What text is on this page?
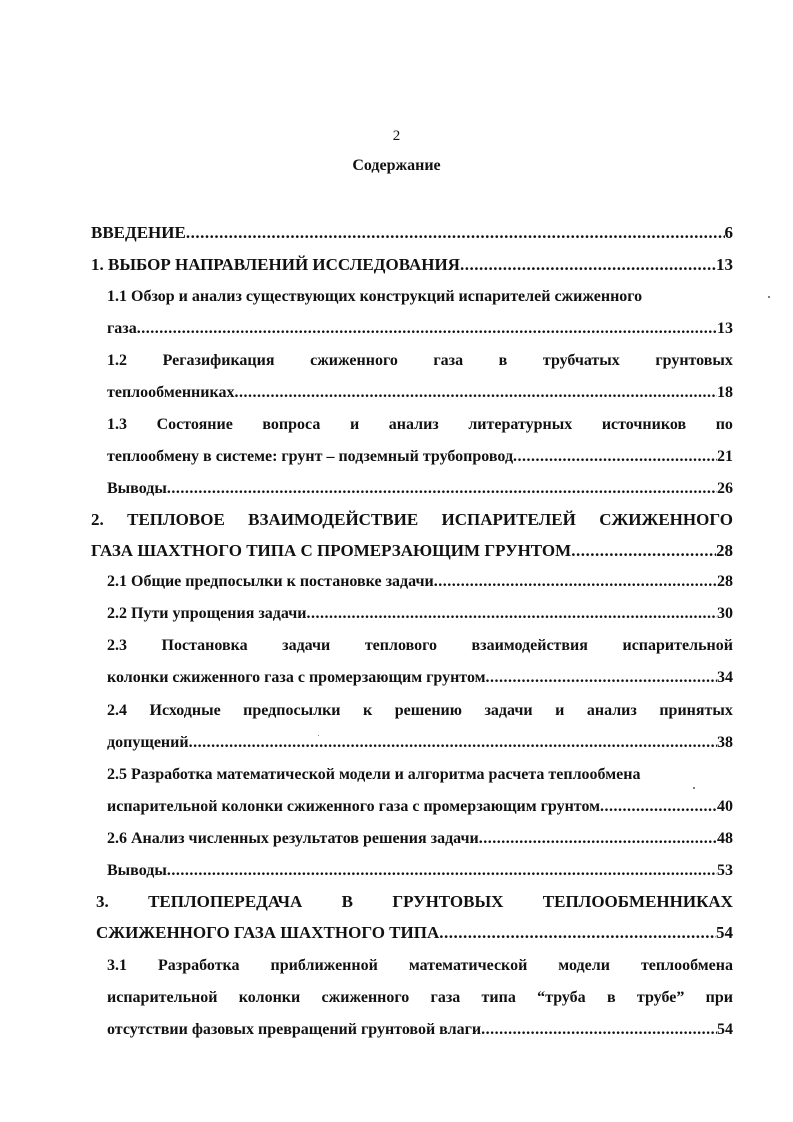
2
Содержание
ВВЕДЕНИЕ .....	6
1. ВЫБОР НАПРАВЛЕНИЙ ИССЛЕДОВАНИЯ .....	13
1.1 Обзор и анализ существующих конструкций испарителей сжиженного
газа .....	13
1.2 Регазификация сжиженного газа в трубчатых грунтовых
теплообменниках .....	18
1.3 Состояние вопроса и анализ литературных источников по
теплообмену в системе: грунт – подземный трубопровод .....	21
Выводы .....	26
2. ТЕПЛОВОЕ ВЗАИМОДЕЙСТВИЕ ИСПАРИТЕЛЕЙ СЖИЖЕННОГО
ГАЗА ШАХТНОГО ТИПА С ПРОМЕРЗАЮЩИМ ГРУНТОМ .....	28
2.1 Общие предпосылки к постановке задачи .....	28
2.2 Пути упрощения задачи .....	30
2.3 Постановка задачи теплового взаимодействия испарительной
колонки сжиженного газа с промерзающим грунтом .....	34
2.4 Исходные предпосылки к решению задачи и анализ принятых
допущений .....	38
2.5 Разработка математической модели и алгоритма расчета теплообмена
испарительной колонки сжиженного газа с промерзающим грунтом .....	40
2.6 Анализ численных результатов решения задачи .....	48
Выводы .....	53
3. ТЕПЛОПЕРЕДАЧА В ГРУНТОВЫХ ТЕПЛООБМЕННИКАХ
СЖИЖЕННОГО ГАЗА ШАХТНОГО ТИПА .....	54
3.1 Разработка приближенной математической модели теплообмена
испарительной колонки сжиженного газа типа “труба в трубе” при
отсутствии фазовых превращений грунтовой влаги .....	54
